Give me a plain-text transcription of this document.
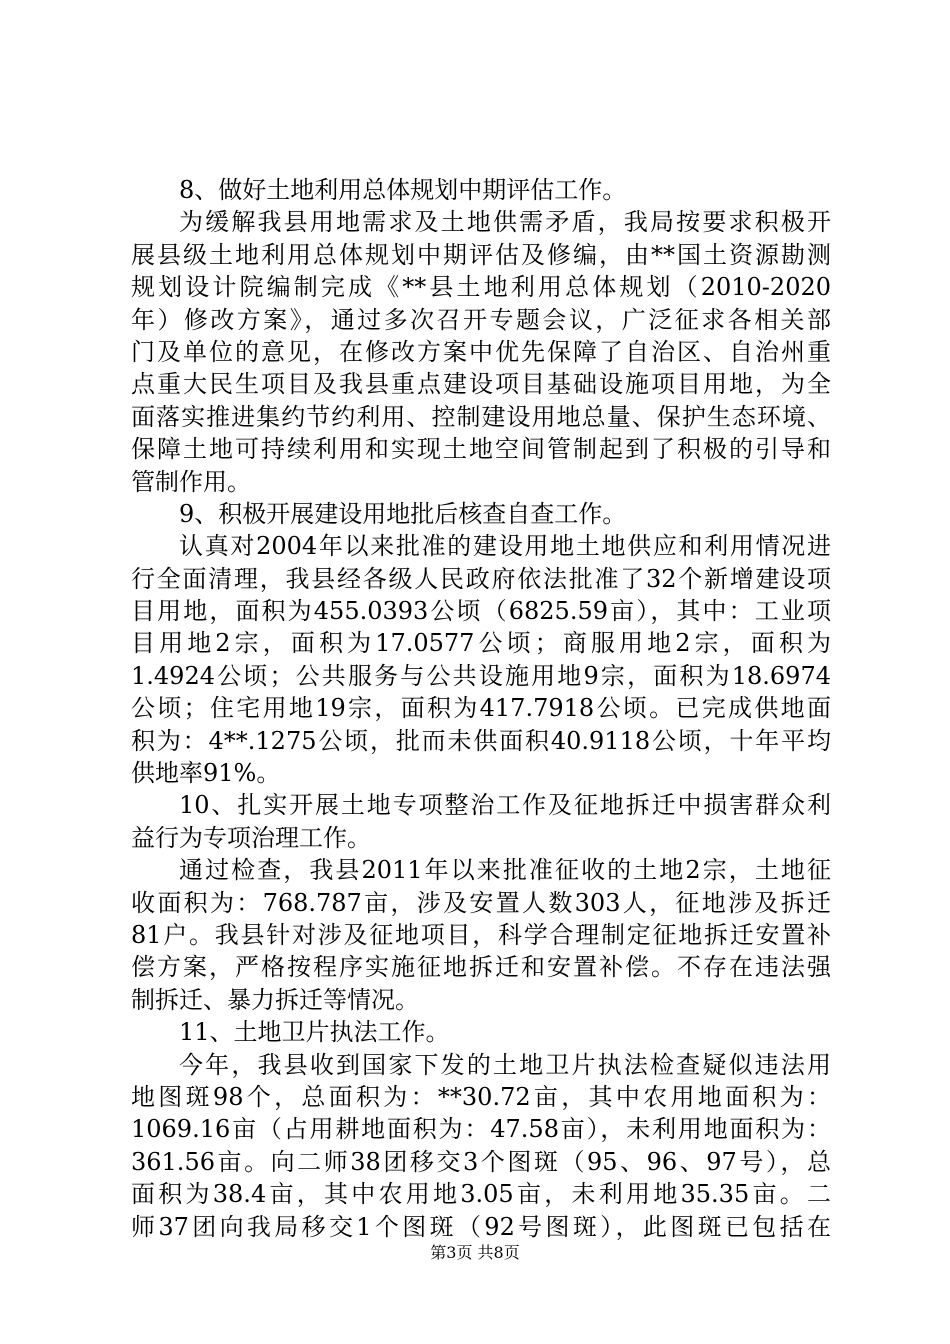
8、做好土地利用总体规划中期评估工作。
为缓解我县用地需求及土地供需矛盾，我局按要求积极开
展县级土地利用总体规划中期评估及修编，由**国土资源勘测
规划设计院编制完成《**县土地利用总体规划（2010-2020
年）修改方案》，通过多次召开专题会议，广泛征求各相关部
门及单位的意见，在修改方案中优先保障了自治区、自治州重
点重大民生项目及我县重点建设项目基础设施项目用地，为全
面落实推进集约节约利用、控制建设用地总量、保护生态环境、
保障土地可持续利用和实现土地空间管制起到了积极的引导和
管制作用。
9、积极开展建设用地批后核查自查工作。
认真对2004年以来批准的建设用地土地供应和利用情况进
行全面清理，我县经各级人民政府依法批准了32个新增建设项
目用地，面积为455.0393公顷（6825.59亩），其中：工业项
目用地2宗，面积为17.0577公顷；商服用地2宗，面积为
1.4924公顷；公共服务与公共设施用地9宗，面积为18.6974
公顷；住宅用地19宗，面积为417.7918公顷。已完成供地面
积为：4**.1275公顷，批而未供面积40.9118公顷，十年平均
供地率91%。
10、扎实开展土地专项整治工作及征地拆迁中损害群众利
益行为专项治理工作。
通过检查，我县2011年以来批准征收的土地2宗，土地征
收面积为：768.787亩，涉及安置人数303人，征地涉及拆迁
81户。我县针对涉及征地项目，科学合理制定征地拆迁安置补
偿方案，严格按程序实施征地拆迁和安置补偿。不存在违法强
制拆迁、暴力拆迁等情况。
11、土地卫片执法工作。
今年，我县收到国家下发的土地卫片执法检查疑似违法用
地图斑98个，总面积为：**30.72亩，其中农用地面积为：
1069.16亩（占用耕地面积为：47.58亩），未利用地面积为：
361.56亩。向二师38团移交3个图斑（95、96、97号），总
面积为38.4亩，其中农用地3.05亩，未利用地35.35亩。二
师37团向我局移交1个图斑（92号图斑），此图斑已包括在
第3页 共8页
